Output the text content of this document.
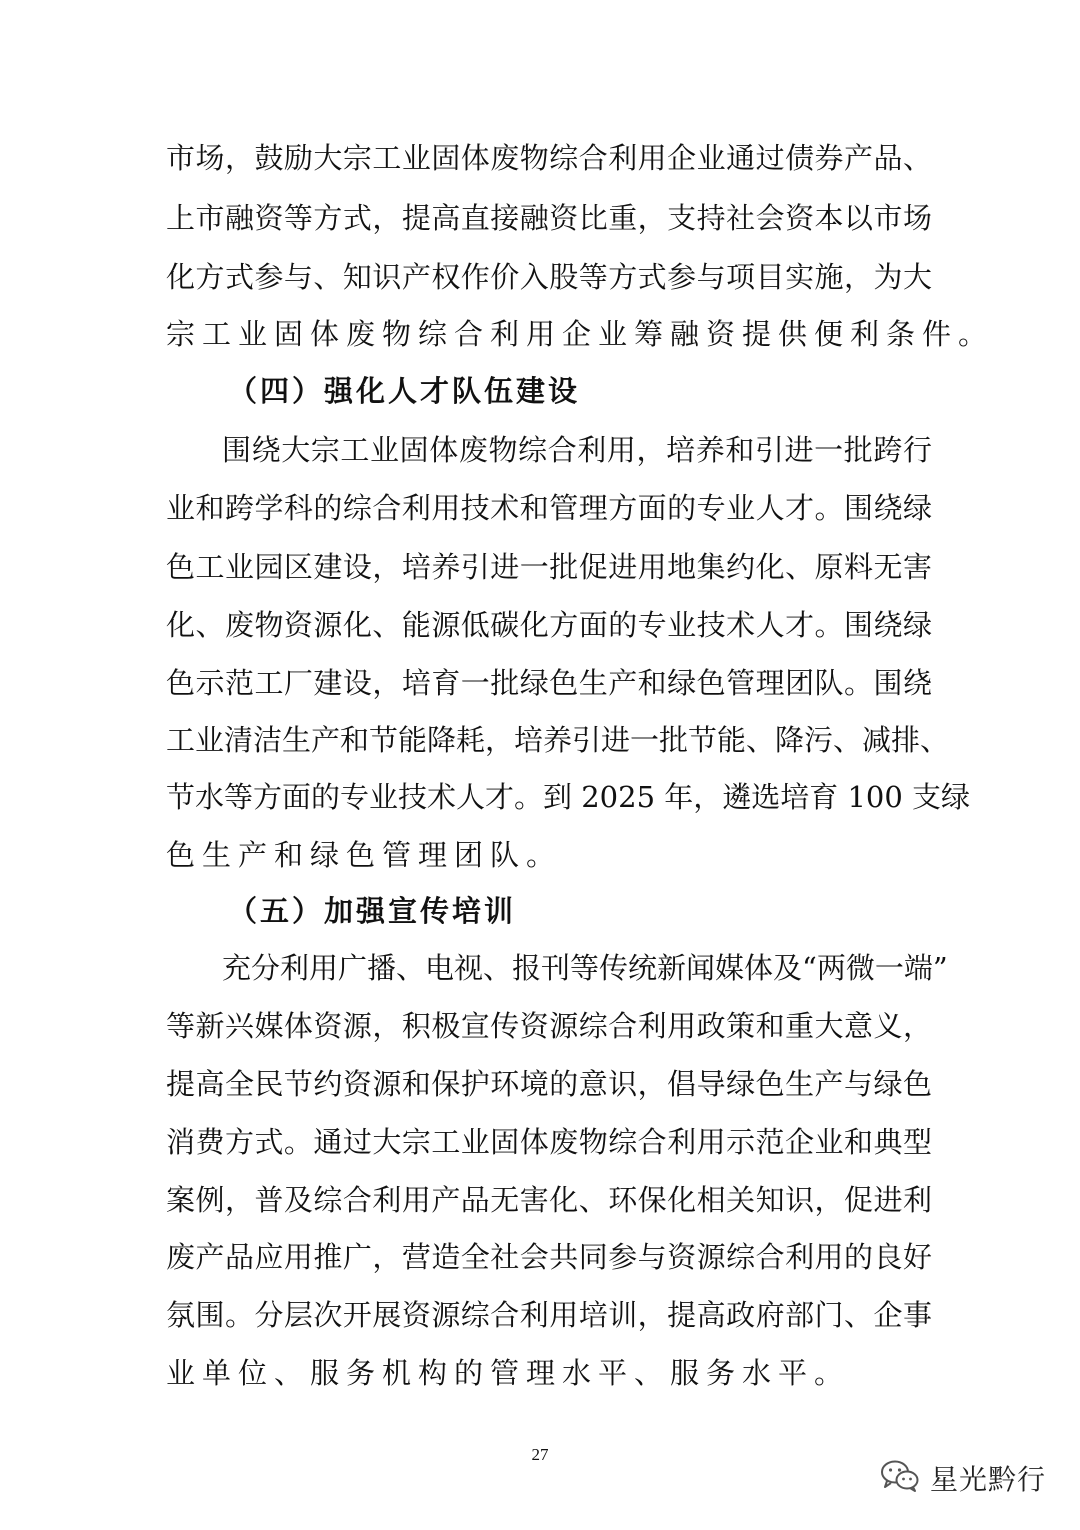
市场，鼓励大宗工业固体废物综合利用企业通过债券产品、
上市融资等方式，提高直接融资比重，支持社会资本以市场
化方式参与、知识产权作价入股等方式参与项目实施，为大
宗工业固体废物综合利用企业筹融资提供便利条件。
（四）强化人才队伍建设
围绕大宗工业固体废物综合利用，培养和引进一批跨行
业和跨学科的综合利用技术和管理方面的专业人才。围绕绿
色工业园区建设，培养引进一批促进用地集约化、原料无害
化、废物资源化、能源低碳化方面的专业技术人才。围绕绿
色示范工厂建设，培育一批绿色生产和绿色管理团队。围绕
工业清洁生产和节能降耗，培养引进一批节能、降污、减排、
节水等方面的专业技术人才。到 2025 年，遴选培育 100 支绿
色生产和绿色管理团队。
（五）加强宣传培训
充分利用广播、电视、报刊等传统新闻媒体及“两微一端”
等新兴媒体资源，积极宣传资源综合利用政策和重大意义，
提高全民节约资源和保护环境的意识，倡导绿色生产与绿色
消费方式。通过大宗工业固体废物综合利用示范企业和典型
案例，普及综合利用产品无害化、环保化相关知识，促进利
废产品应用推广，营造全社会共同参与资源综合利用的良好
氛围。分层次开展资源综合利用培训，提高政府部门、企事
业单位、服务机构的管理水平、服务水平。
27
星光黔行
